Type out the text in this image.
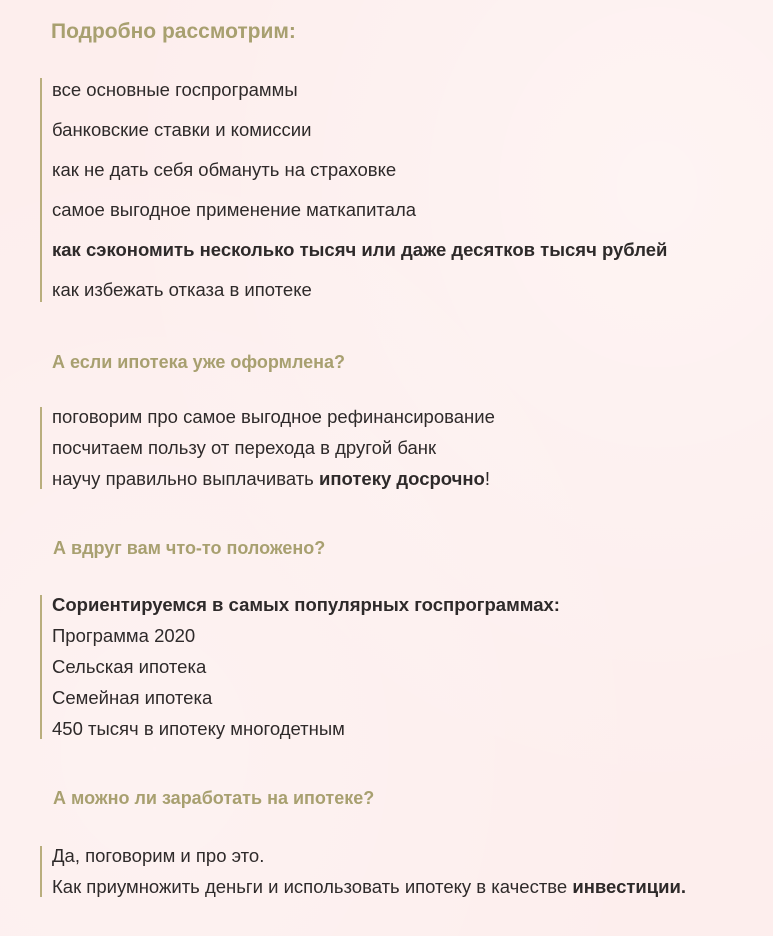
Подробно рассмотрим:

все основные госпрограммы

банковские ставки и комиссии

как не дать себя обмануть на страховке

самое выгодное применение маткапитала

как сэкономить несколько тысяч или даже десятков тысяч рублей

как избежать отказа в ипотеке

А если ипотека уже оформлена?

поговорим про самое выгодное рефинансирование

посчитаем пользу от перехода в другой банк

научу правильно выплачивать ипотеку досрочно!

А вдруг вам что-то положено?

Сориентируемся в самых популярных госпрограммах:

Программа 2020

Сельская ипотека

Семейная ипотека

450 тысяч в ипотеку многодетным

А можно ли заработать на ипотеке?

Да, поговорим и про это.

Как приумножить деньги и использовать ипотеку в качестве инвестиции.
